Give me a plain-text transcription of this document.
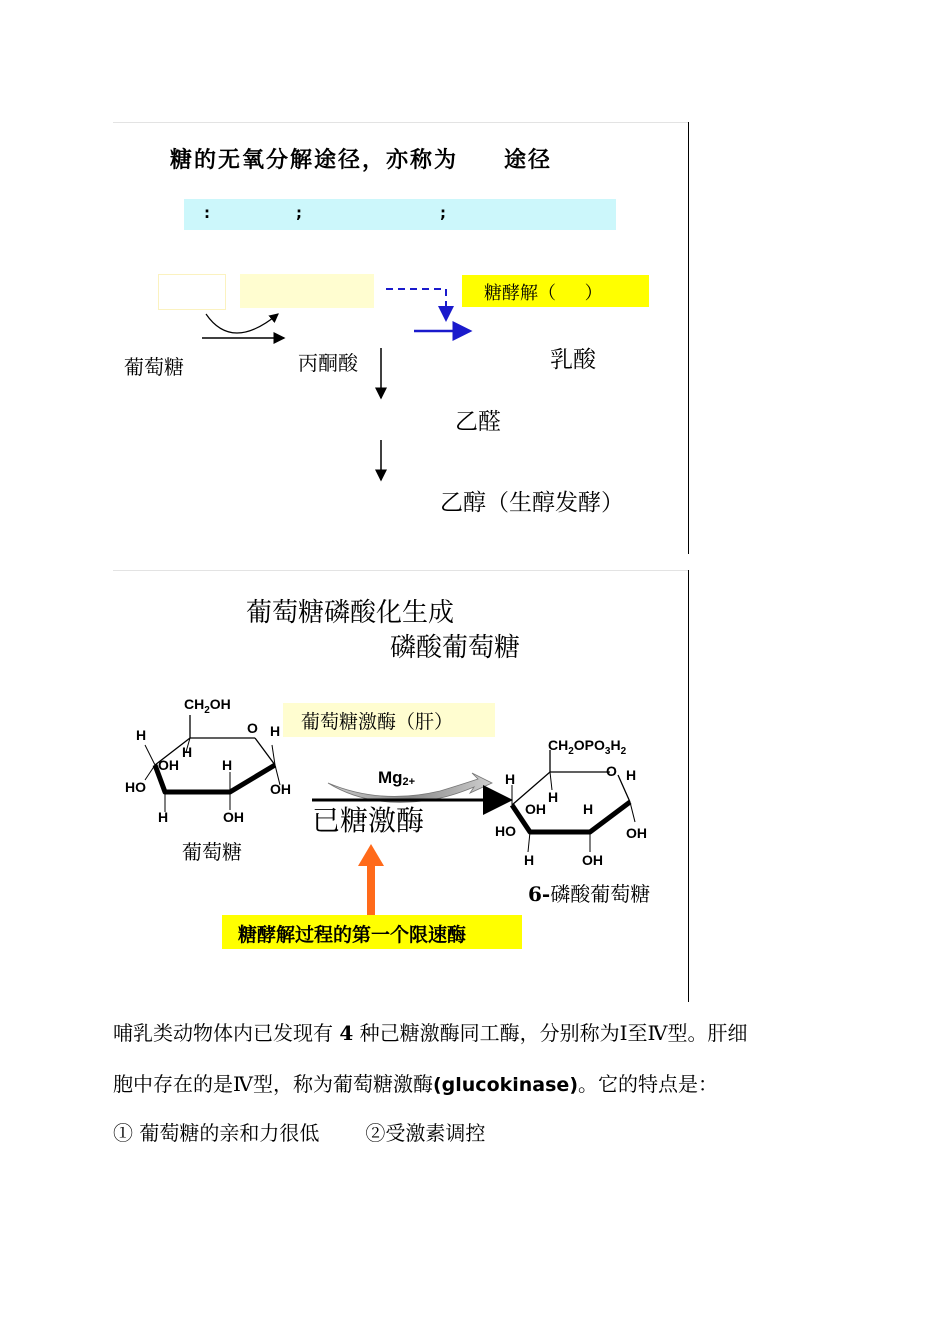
糖的无氧分解途径，亦称为 途径
:	;	;
糖酵解（     ）
葡萄糖	丙酮酸	乳酸
乙醛
乙醇（生醇发酵）
葡萄糖磷酸化生成
磷酸葡萄糖
葡萄糖激酶（肝）
$CH_2OH$
O H
H
H
OH	H
HO	OH
H	OH
葡萄糖
Mg2+
已糖激酶
$CH_2OPO_3H_2$
O H
H
H
OH	H
HO	OH
H	OH
6-磷酸葡萄糖
糖酵解过程的第一个限速酶
哺乳类动物体内已发现有 4 种己糖激酶同工酶，分别称为Ⅰ至Ⅳ型。肝细
胞中存在的是Ⅳ型，称为葡萄糖激酶(glucokinase)。它的特点是：
① 葡萄糖的亲和力很低 ②受激素调控
